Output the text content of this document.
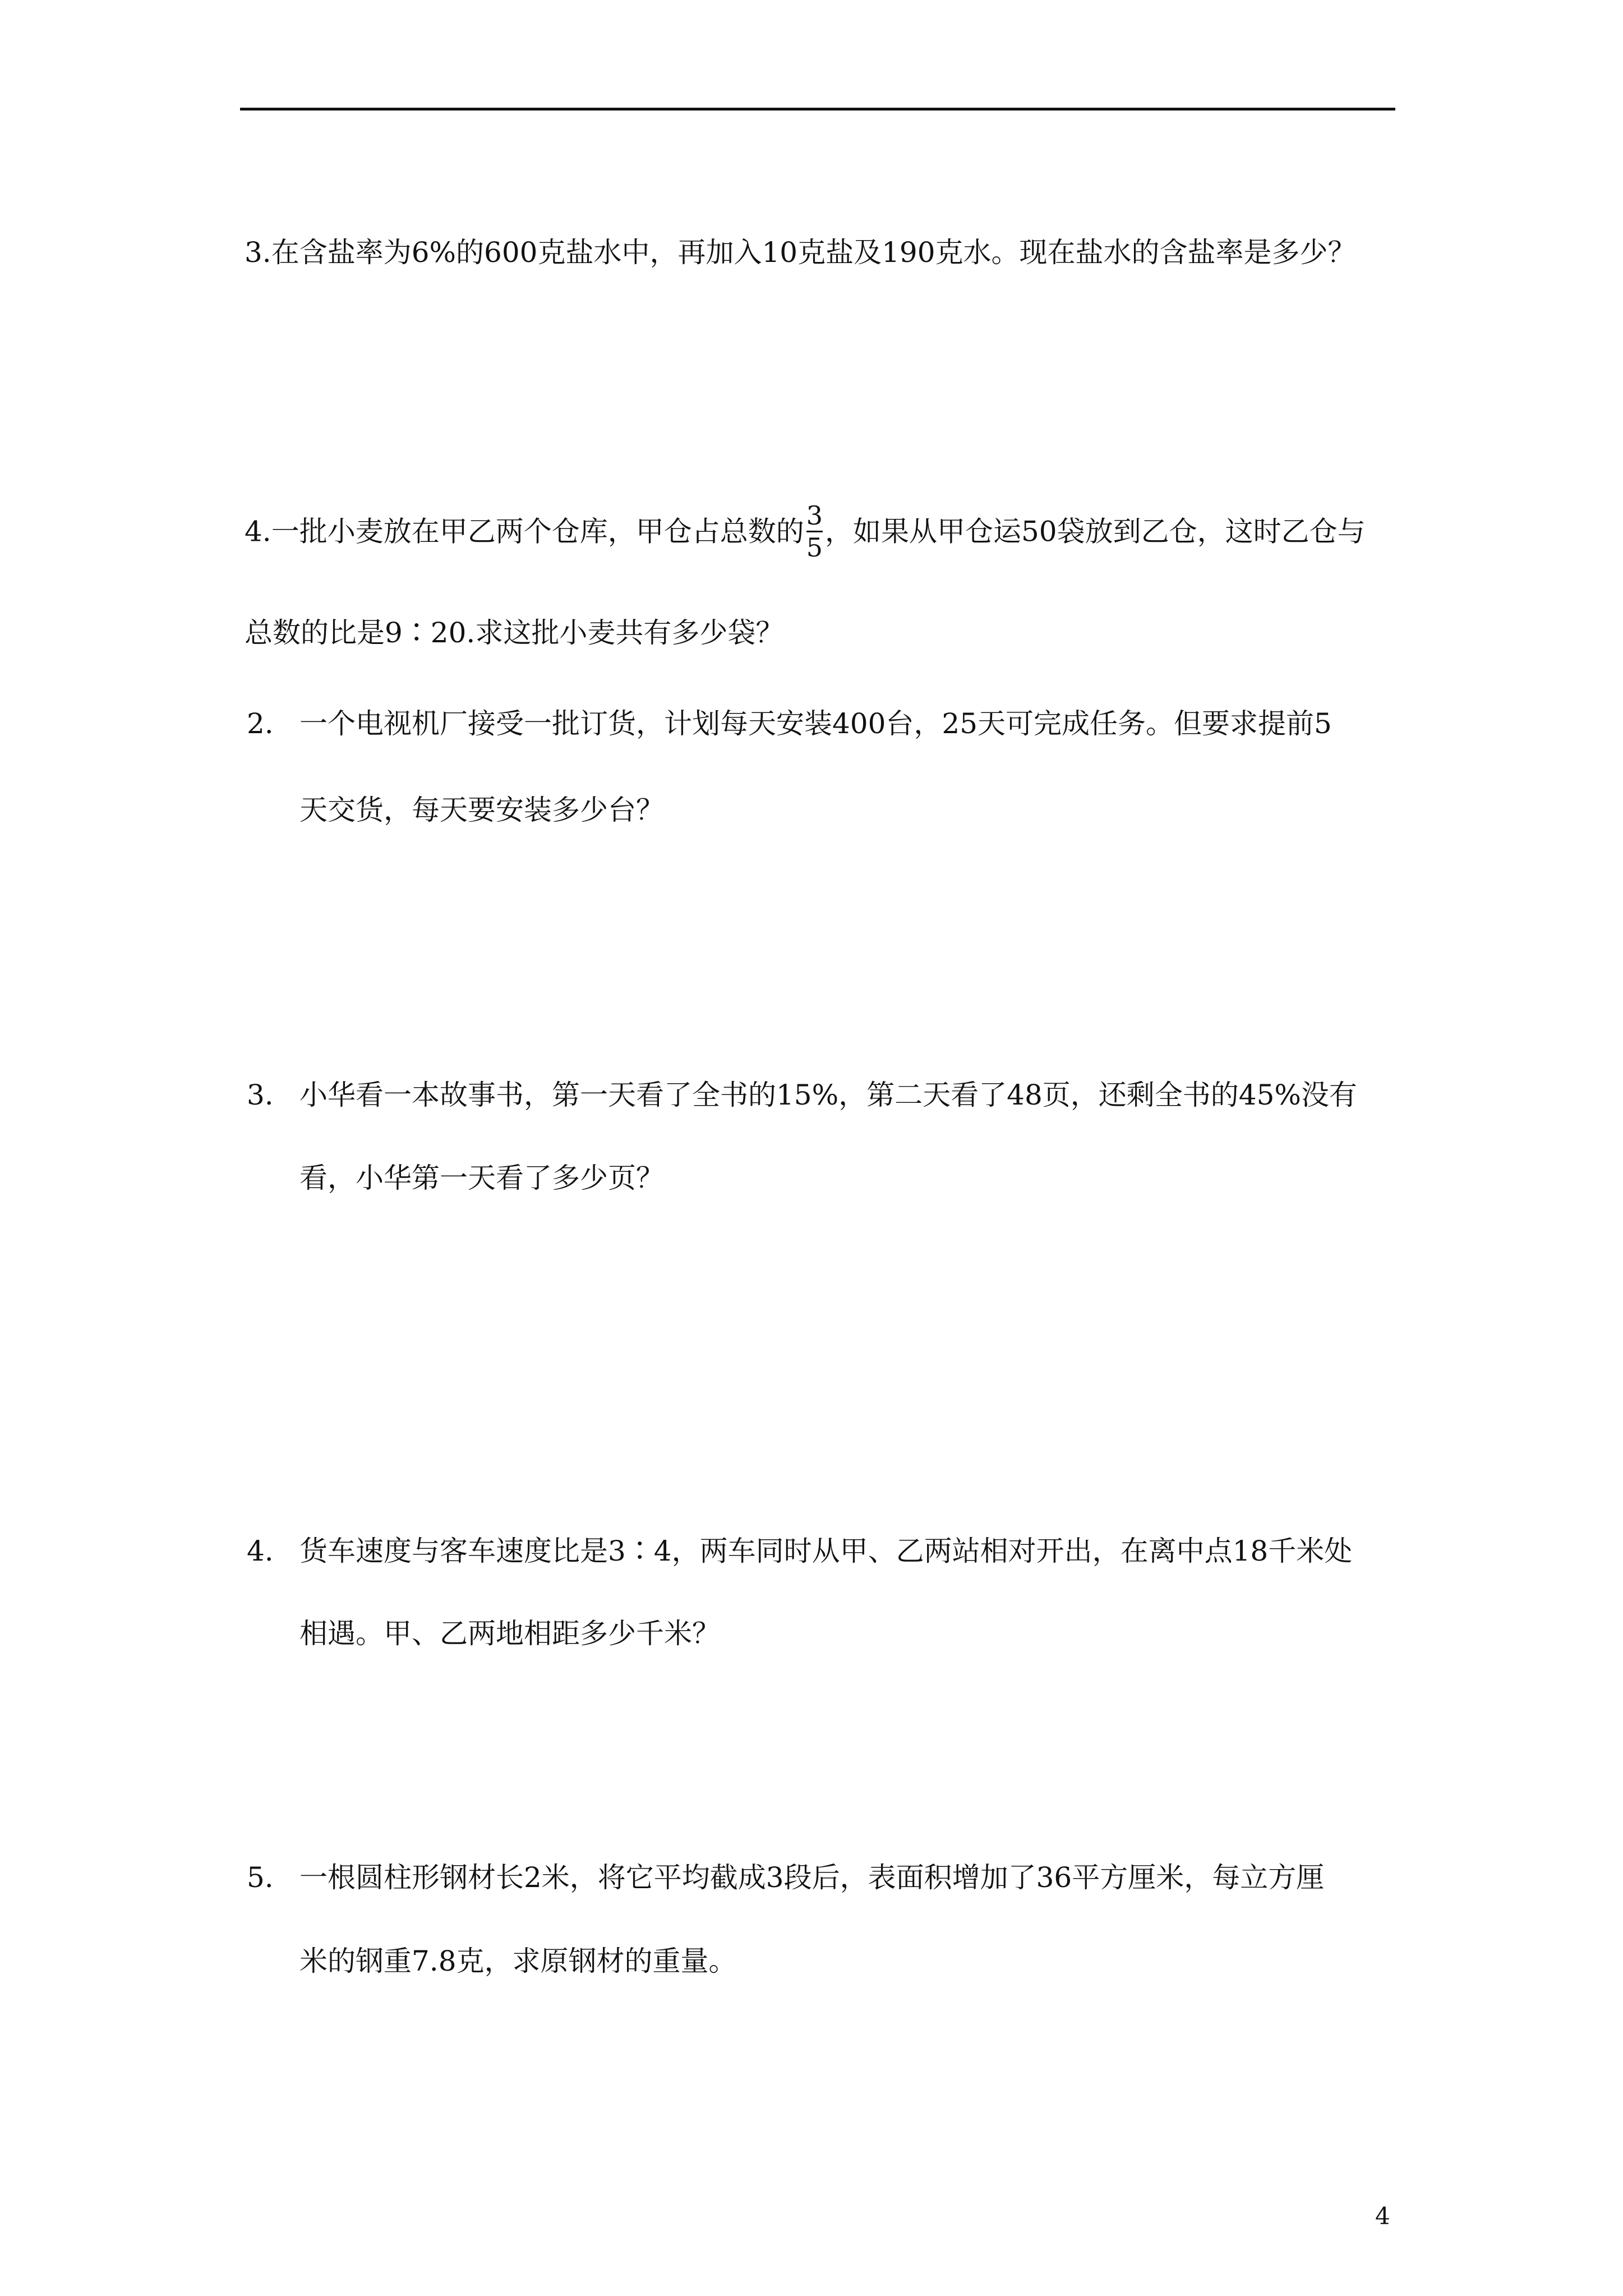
3.在含盐率为6%的600克盐水中，再加入10克盐及190克水。现在盐水的含盐率是多少？
4.一批小麦放在甲乙两个仓库，甲仓占总数的 $\frac{3}{5}$ ，如果从甲仓运50袋放到乙仓，这时乙仓与
总数的比是9∶20.求这批小麦共有多少袋？
2. 一个电视机厂接受一批订货，计划每天安装400台，25天可完成任务。但要求提前5
天交货，每天要安装多少台？
3. 小华看一本故事书，第一天看了全书的15%，第二天看了48页，还剩全书的45%没有
看，小华第一天看了多少页？
4. 货车速度与客车速度比是3∶4，两车同时从甲、乙两站相对开出，在离中点18千米处
相遇。甲、乙两地相距多少千米？
5. 一根圆柱形钢材长2米，将它平均截成3段后，表面积增加了36平方厘米，每立方厘
米的钢重7.8克，求原钢材的重量。
4
